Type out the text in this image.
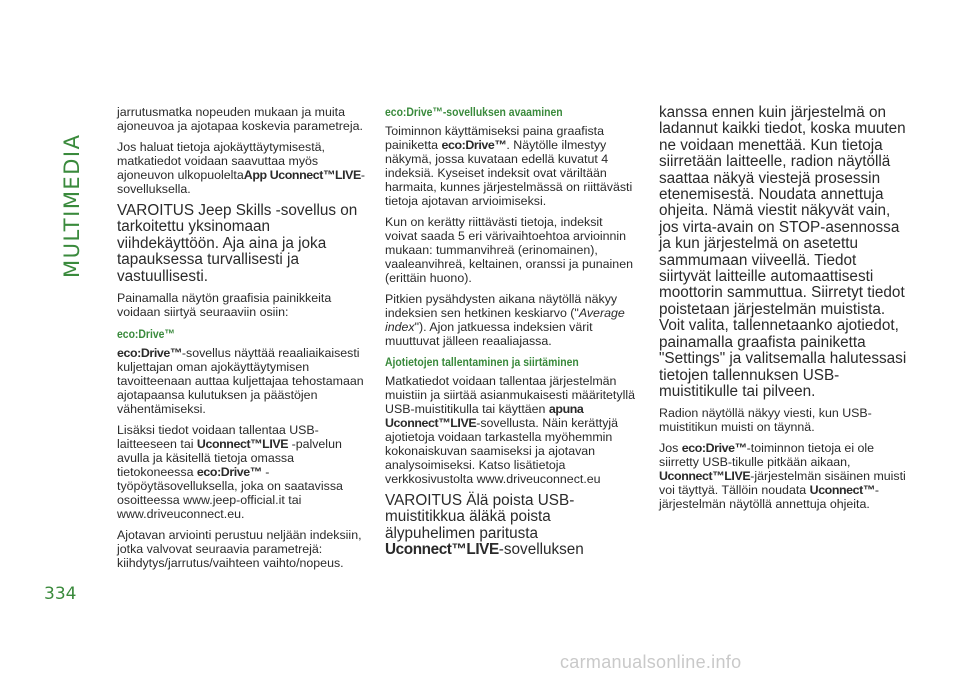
MULTIMEDIA

jarrutusmatka nopeuden mukaan ja muita ajoneuvoa ja ajotapaa koskevia parametreja.

Jos haluat tietoja ajokäyttäytymisestä, matkatiedot voidaan saavuttaa myös ajoneuvon ulkopuoleltaApp Uconnect™LIVE-sovelluksella.

VAROITUS Jeep Skills -sovellus on tarkoitettu yksinomaan viihdekäyttöön. Aja aina ja joka tapauksessa turvallisesti ja vastuullisesti.

Painamalla näytön graafisia painikkeita voidaan siirtyä seuraaviin osiin:

eco:Drive™

eco:Drive™-sovellus näyttää reaaliaikaisesti kuljettajan oman ajokäyttäytymisen tavoitteenaan auttaa kuljettajaa tehostamaan ajotapaansa kulutuksen ja päästöjen vähentämiseksi.

Lisäksi tiedot voidaan tallentaa USB-laitteeseen tai Uconnect™LIVE -palvelun avulla ja käsitellä tietoja omassa tietokoneessa eco:Drive™ -työpöytäsovelluksella, joka on saatavissa osoitteessa www.jeep-official.it tai www.driveuconnect.eu.

Ajotavan arviointi perustuu neljään indeksiin, jotka valvovat seuraavia parametrejä: kiihdytys/jarrutus/vaihteen vaihto/nopeus.

eco:Drive™-sovelluksen avaaminen

Toiminnon käyttämiseksi paina graafista painiketta eco:Drive™. Näytölle ilmestyy näkymä, jossa kuvataan edellä kuvatut 4 indeksiä. Kyseiset indeksit ovat väriltään harmaita, kunnes järjestelmässä on riittävästi tietoja ajotavan arvioimiseksi.

Kun on kerätty riittävästi tietoja, indeksit voivat saada 5 eri värivaihtoehtoa arvioinnin mukaan: tummanvihreä (erinomainen), vaaleanvihreä, keltainen, oranssi ja punainen (erittäin huono).

Pitkien pysähdysten aikana näytöllä näkyy indeksien sen hetkinen keskiarvo ("Average index"). Ajon jatkuessa indeksien värit muuttuvat jälleen reaaliajassa.

Ajotietojen tallentaminen ja siirtäminen

Matkatiedot voidaan tallentaa järjestelmän muistiin ja siirtää asianmukaisesti määritetyllä USB-muistitikulla tai käyttäen apuna Uconnect™LIVE-sovellusta. Näin kerättyjä ajotietoja voidaan tarkastella myöhemmin kokonaiskuvan saamiseksi ja ajotavan analysoimiseksi. Katso lisätietoja verkkosivustolta www.driveuconnect.eu

VAROITUS Älä poista USB-muistitikkua äläkä poista älypuhelimen paritusta Uconnect™LIVE-sovelluksen

kanssa ennen kuin järjestelmä on ladannut kaikki tiedot, koska muuten ne voidaan menettää. Kun tietoja siirretään laitteelle, radion näytöllä saattaa näkyä viestejä prosessin etenemisestä. Noudata annettuja ohjeita. Nämä viestit näkyvät vain, jos virta-avain on STOP-asennossa ja kun järjestelmä on asetettu sammumaan viiveellä. Tiedot siirtyvät laitteille automaattisesti moottorin sammuttua. Siirretyt tiedot poistetaan järjestelmän muistista. Voit valita, tallennetaanko ajotiedot, painamalla graafista painiketta "Settings" ja valitsemalla halutessasi tietojen tallennuksen USB-muistitikulle tai pilveen.

Radion näytöllä näkyy viesti, kun USB-muistitikun muisti on täynnä.

Jos eco:Drive™-toiminnon tietoja ei ole siirretty USB-tikulle pitkään aikaan, Uconnect™LIVE-järjestelmän sisäinen muisti voi täyttyä. Tällöin noudata Uconnect™-järjestelmän näytöllä annettuja ohjeita.

334
carmanualsonline.info
